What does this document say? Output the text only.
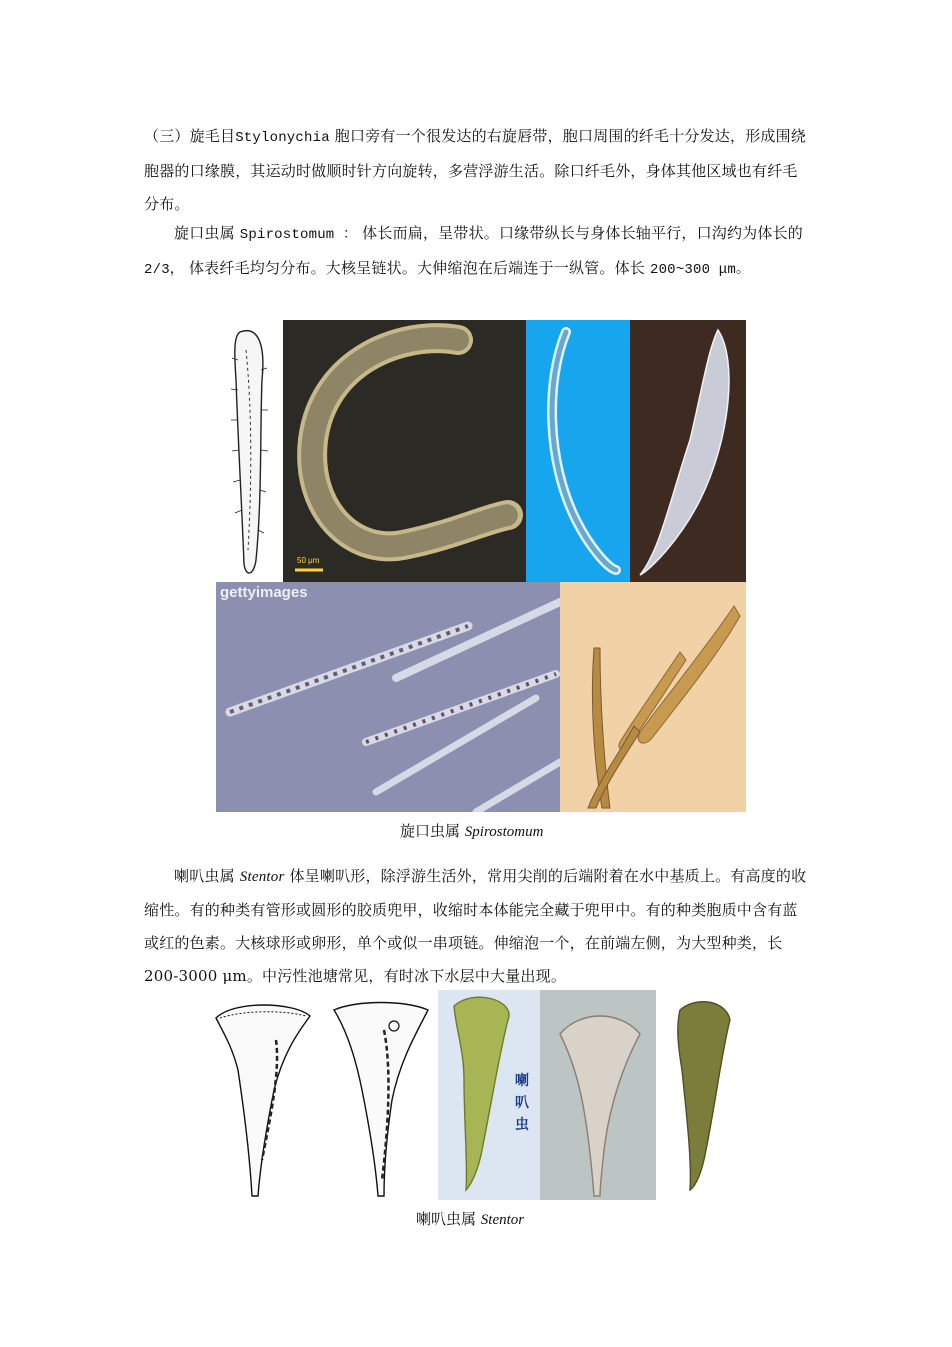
（三）旋毛目Stylonychia 胞口旁有一个很发达的右旋唇带，胞口周围的纤毛十分发达，形成围绕胞器的口缘膜，其运动时做顺时针方向旋转，多营浮游生活。除口纤毛外，身体其他区域也有纤毛分布。

旋口虫属 Spirostomum ： 体长而扁，呈带状。口缘带纵长与身体长轴平行，口沟约为体长的 2/3， 体表纤毛均匀分布。大核呈链状。大伸缩泡在后端连于一纵管。体长 200~300 μm。

50 μm
gettyimages
旋口虫属 Spirostomum

喇叭虫属 Stentor 体呈喇叭形，除浮游生活外，常用尖削的后端附着在水中基质上。有高度的收缩性。有的种类有管形或圆形的胶质兜甲，收缩时本体能完全藏于兜甲中。有的种类胞质中含有蓝或红的色素。大核球形或卵形，单个或似一串项链。伸缩泡一个，在前端左侧，为大型种类，长 200-3000 μm。中污性池塘常见，有时冰下水层中大量出现。

喇叭虫
喇叭虫属 Stentor
